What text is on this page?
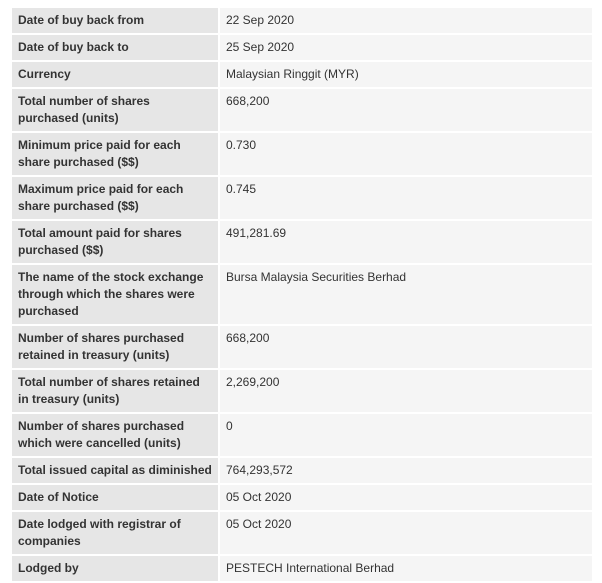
Date of buy back from		22 Sep 2020
Date of buy back to		25 Sep 2020
Currency		Malaysian Ringgit (MYR)
Total number of shares purchased (units)		668,200
Minimum price paid for each share purchased ($$)		0.730
Maximum price paid for each share purchased ($$)		0.745
Total amount paid for shares purchased ($$)		491,281.69
The name of the stock exchange through which the shares were purchased		Bursa Malaysia Securities Berhad
Number of shares purchased retained in treasury (units)		668,200
Total number of shares retained in treasury (units)		2,269,200
Number of shares purchased which were cancelled (units)		0
Total issued capital as diminished		764,293,572
Date of Notice		05 Oct 2020
Date lodged with registrar of companies		05 Oct 2020
Lodged by		PESTECH International Berhad
